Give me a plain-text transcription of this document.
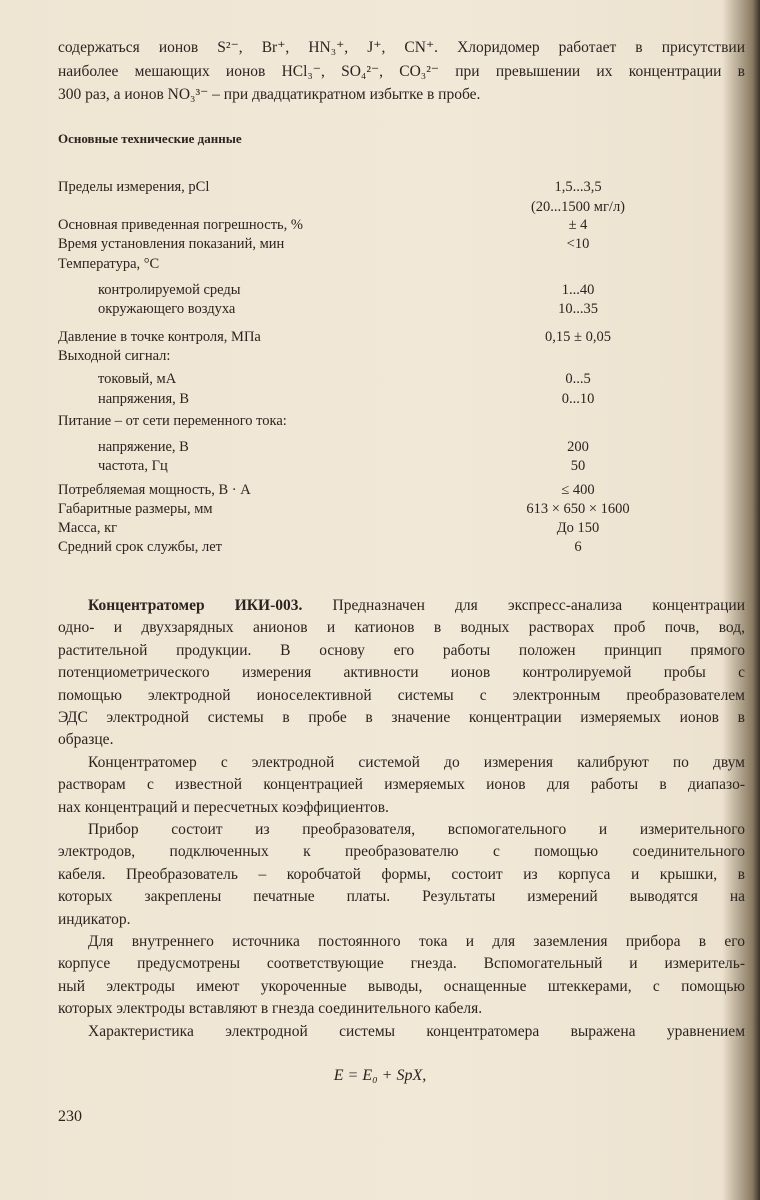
содержаться ионов S²⁻, Br⁺, HN₃⁺, J⁺, CN⁺. Хлоридомер работает в присутствии
наиболее мешающих ионов HCl₃⁻, SO₄²⁻, CO₃²⁻ при превышении их концентрации в
300 раз, а ионов NO₃³⁻ – при двадцатикратном избытке в пробе.
Основные технические данные
Пределы измерения, pCl	1,5...3,5
(20...1500 мг/л)
Основная приведенная погрешность, %	± 4
Время установления показаний, мин	<10
Температура, °C
контролируемой среды	1...40
окружающего воздуха	10...35
Давление в точке контроля, МПа	0,15 ± 0,05
Выходной сигнал:
токовый, мА	0...5
напряжения, В	0...10
Питание – от сети переменного тока:
напряжение, В	200
частота, Гц	50
Потребляемая мощность, В · А	≤ 400
Габаритные размеры, мм	613 × 650 × 1600
Масса, кг	До 150
Средний срок службы, лет	6
Концентратомер ИКИ-003. Предназначен для экспресс-анализа концентрации
одно- и двухзарядных анионов и катионов в водных растворах проб почв, вод,
растительной продукции. В основу его работы положен принцип прямого
потенциометрического измерения активности ионов контролируемой пробы с
помощью электродной ионоселективной системы с электронным преобразователем
ЭДС электродной системы в пробе в значение концентрации измеряемых ионов в
образце.
Концентратомер с электродной системой до измерения калибруют по двум
растворам с известной концентрацией измеряемых ионов для работы в диапазо-
нах концентраций и пересчетных коэффициентов.
Прибор состоит из преобразователя, вспомогательного и измерительного
электродов, подключенных к преобразователю с помощью соединительного
кабеля. Преобразователь – коробчатой формы, состоит из корпуса и крышки, в
которых закреплены печатные платы. Результаты измерений выводятся на
индикатор.
Для внутреннего источника постоянного тока и для заземления прибора в его
корпусе предусмотрены соответствующие гнезда. Вспомогательный и измеритель-
ный электроды имеют укороченные выводы, оснащенные штеккерами, с помощью
которых электроды вставляют в гнезда соединительного кабеля.
Характеристика электродной системы концентратомера выражена уравнением
E = E₀ + SpX,
230
